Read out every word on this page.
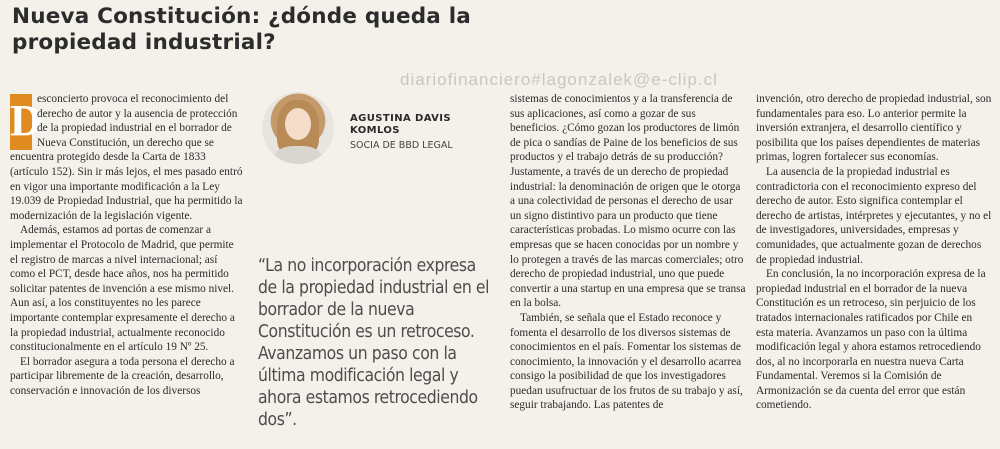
Nueva Constitución: ¿dónde queda la propiedad industrial?
diariofinanciero#lagonzalek@e-clip.cl

D
esconcierto provoca el reconocimiento del derecho de autor y la ausencia de protección de la propiedad industrial en el borrador de Nueva Constitución, un derecho que se encuentra protegido desde la Carta de 1833 (artículo 152). Sin ir más lejos, el mes pasado entró en vigor una importante modificación a la Ley 19.039 de Propiedad Industrial, que ha permitido la modernización de la legislación vigente.

Además, estamos ad portas de comenzar a implementar el Protocolo de Madrid, que permite el registro de marcas a nivel internacional; así como el PCT, desde hace años, nos ha permitido solicitar patentes de invención a ese mismo nivel. Aun así, a los constituyentes no les parece importante contemplar expresamente el derecho a la propiedad industrial, actualmente reconocido constitucionalmente en el artículo 19 Nº 25.

El borrador asegura a toda persona el derecho a participar libremente de la creación, desarrollo, conservación e innovación de los diversos

AGUSTINA DAVIS KOMLOS
SOCIA DE BBD LEGAL
“La no incorporación expresa de la propiedad industrial en el borrador de la nueva Constitución es un retroceso. Avanzamos un paso con la última modificación legal y ahora estamos retrocediendo dos”.

sistemas de conocimientos y a la transferencia de sus aplicaciones, así como a gozar de sus beneficios. ¿Cómo gozan los productores de limón de pica o sandías de Paine de los beneficios de sus productos y el trabajo detrás de su producción? Justamente, a través de un derecho de propiedad industrial: la denominación de origen que le otorga a una colectividad de personas el derecho de usar un signo distintivo para un producto que tiene características probadas. Lo mismo ocurre con las empresas que se hacen conocidas por un nombre y lo protegen a través de las marcas comerciales; otro derecho de propiedad industrial, uno que puede convertir a una startup en una empresa que se transa en la bolsa.

También, se señala que el Estado reconoce y fomenta el desarrollo de los diversos sistemas de conocimientos en el país. Fomentar los sistemas de conocimiento, la innovación y el desarrollo acarrea consigo la posibilidad de que los investigadores puedan usufructuar de los frutos de su trabajo y así, seguir trabajando. Las patentes de

invención, otro derecho de propiedad industrial, son fundamentales para eso. Lo anterior permite la inversión extranjera, el desarrollo científico y posibilita que los países dependientes de materias primas, logren fortalecer sus economías.

La ausencia de la propiedad industrial es contradictoria con el reconocimiento expreso del derecho de autor. Esto significa contemplar el derecho de artistas, intérpretes y ejecutantes, y no el de investigadores, universidades, empresas y comunidades, que actualmente gozan de derechos de propiedad industrial.

En conclusión, la no incorporación expresa de la propiedad industrial en el borrador de la nueva Constitución es un retroceso, sin perjuicio de los tratados internacionales ratificados por Chile en esta materia. Avanzamos un paso con la última modificación legal y ahora estamos retrocediendo dos, al no incorporarla en nuestra nueva Carta Fundamental. Veremos si la Comisión de Armonización se da cuenta del error que están cometiendo.
